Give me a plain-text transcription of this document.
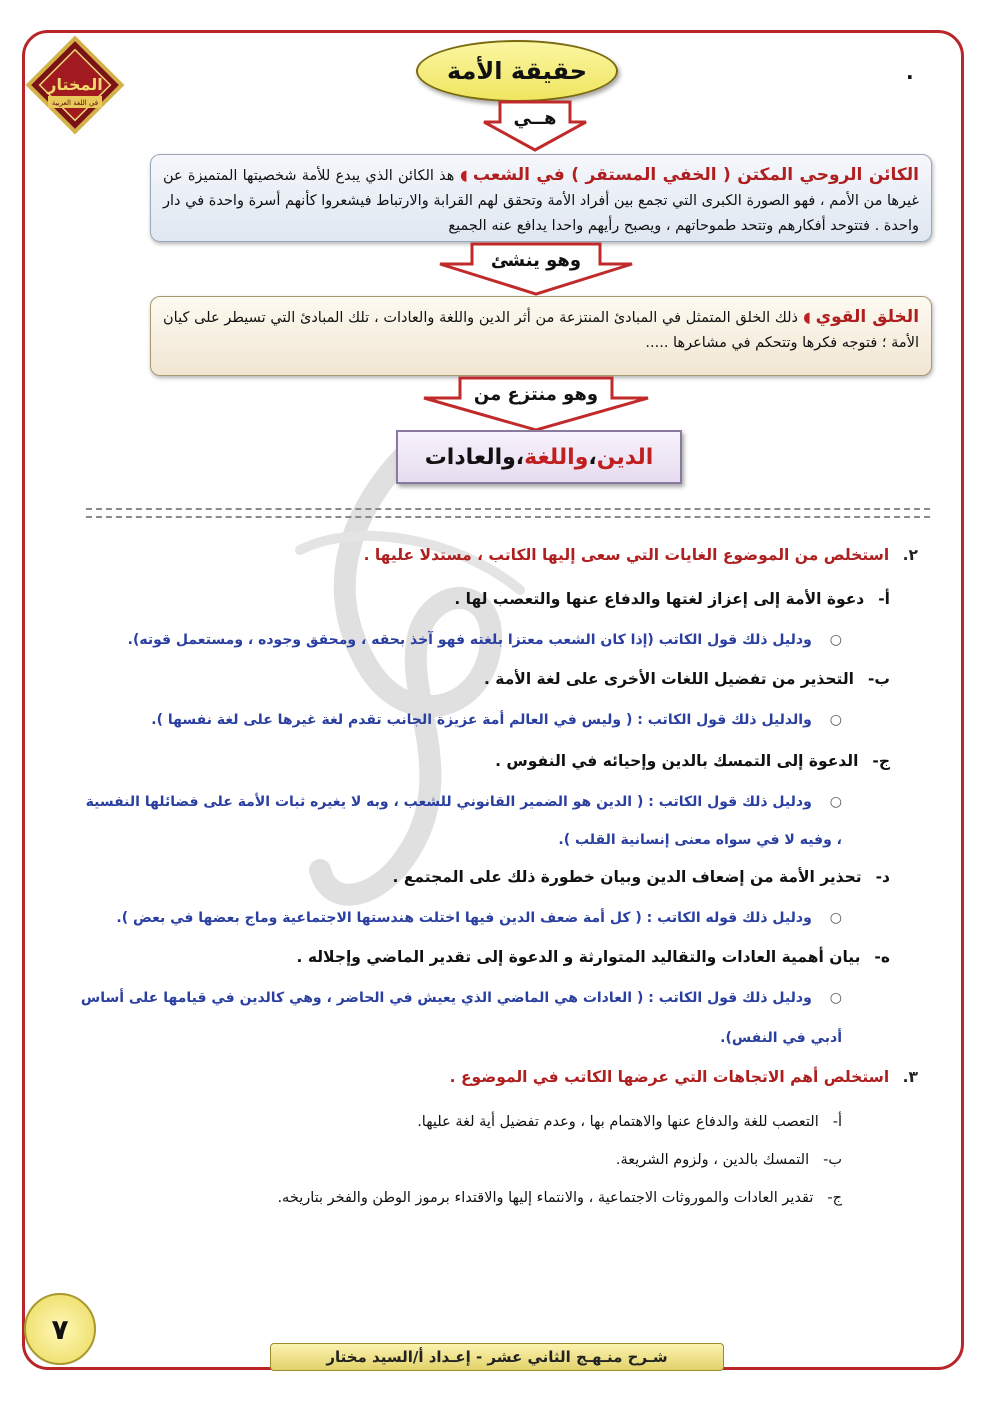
المختار
في اللغة العربية
.
حقيقة الأمة
هــي
الكائن الروحي المكتن ( الخفي المستقر ) في الشعب ◖ هذ الكائن الذي يبدع للأمة شخصيتها المتميزة عن غيرها من الأمم ، فهو الصورة الكبرى التي تجمع بين أفراد الأمة وتحقق لهم القرابة والارتباط فيشعروا كأنهم أسرة واحدة في دار واحدة . فتتوحد أفكارهم وتتحد طموحاتهم ، ويصبح رأيهم واحدا يدافع عنه الجميع
وهو ينشئ
الخلق القوي ◖ ذلك الخلق المتمثل في المبادئ المنتزعة من أثر الدين واللغة والعادات ، تلك المبادئ التي تسيطر على كيان الأمة ؛ فتوجه فكرها وتتحكم في مشاعرها .....
وهو منتزع من
الدين
،
واللغة
،
والعادات
٢. استخلص من الموضوع الغايات التي سعى إليها الكاتب ، مستدلا عليها .
أ-دعوة الأمة إلى إعزاز لغتها والدفاع عنها والتعصب لها .
○ودليل ذلك قول الكاتب (إذا كان الشعب معتزا بلغته فهو آخذ بحقه ، ومحقق وجوده ، ومستعمل قوته).
ب-التحذير من تفضيل اللغات الأخرى على لغة الأمة .
○والدليل ذلك قول الكاتب : ( وليس في العالم أمة عزيزة الجانب تقدم لغة غيرها على لغة نفسها ).
ج-الدعوة إلى التمسك بالدين وإحيائه في النفوس .
○ودليل ذلك قول الكاتب : ( الدين هو الضمير القانوني للشعب ، وبه لا يغيره ثبات الأمة على فضائلها النفسية
، وفيه لا في سواه معنى إنسانية القلب ).
د-تحذير الأمة من إضعاف الدين وبيان خطورة ذلك على المجتمع .
○ودليل ذلك قوله الكاتب : ( كل أمة ضعف الدين فيها اختلت هندستها الاجتماعية وماج بعضها في بعض ).
ه-بيان أهمية العادات والتقاليد المتوارثة و الدعوة إلى تقدير الماضي وإجلاله .
○ودليل ذلك قول الكاتب : ( العادات هي الماضي الذي يعيش في الحاضر ، وهي كالدين في قيامها على أساس
أدبي في النفس).
٣. استخلص أهم الاتجاهات التي عرضها الكاتب في الموضوع .
أ-التعصب للغة والدفاع عنها والاهتمام بها ، وعدم تفضيل أية لغة عليها.
ب-التمسك بالدين ، ولزوم الشريعة.
ج-تقدير العادات والموروثات الاجتماعية ، والانتماء إليها والاقتداء برموز الوطن والفخر بتاريخه.
٧
شـرح منـهـج الثاني عشر - إعـداد أ/السيد مختار
